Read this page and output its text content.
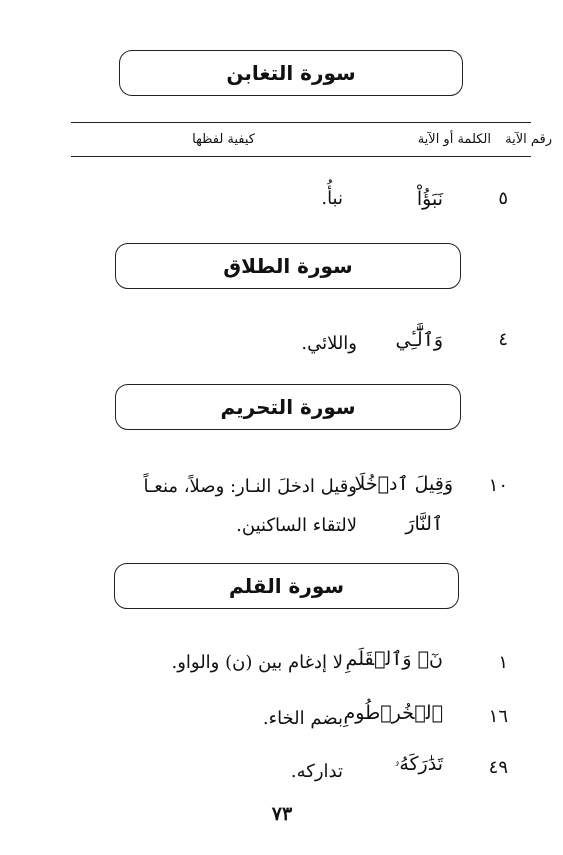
سورة التغابن
رقم الآية
الكلمة أو الآية
كيفية لفظها
٥
نَبَؤُاْ
نبأُ.
سورة الطلاق
٤
وَٱلَّٰٓـِٔي
واللائي.
سورة التحريم
١٠
وَقِيلَ ٱدۡخُلَا
وقيل ادخلَ النـار: وصلاً، منعـاً
ٱلنَّارَ
لالتقاء الساكنين.
سورة القلم
١
نٓۚ وَٱلۡقَلَمِ
لا إدغام بين (ن) والواو.
١٦
ٱلۡخُرۡطُومِ
بضم الخاء.
٤٩
تَدَٰرَكَهُۥ
تداركه.
٧٣
